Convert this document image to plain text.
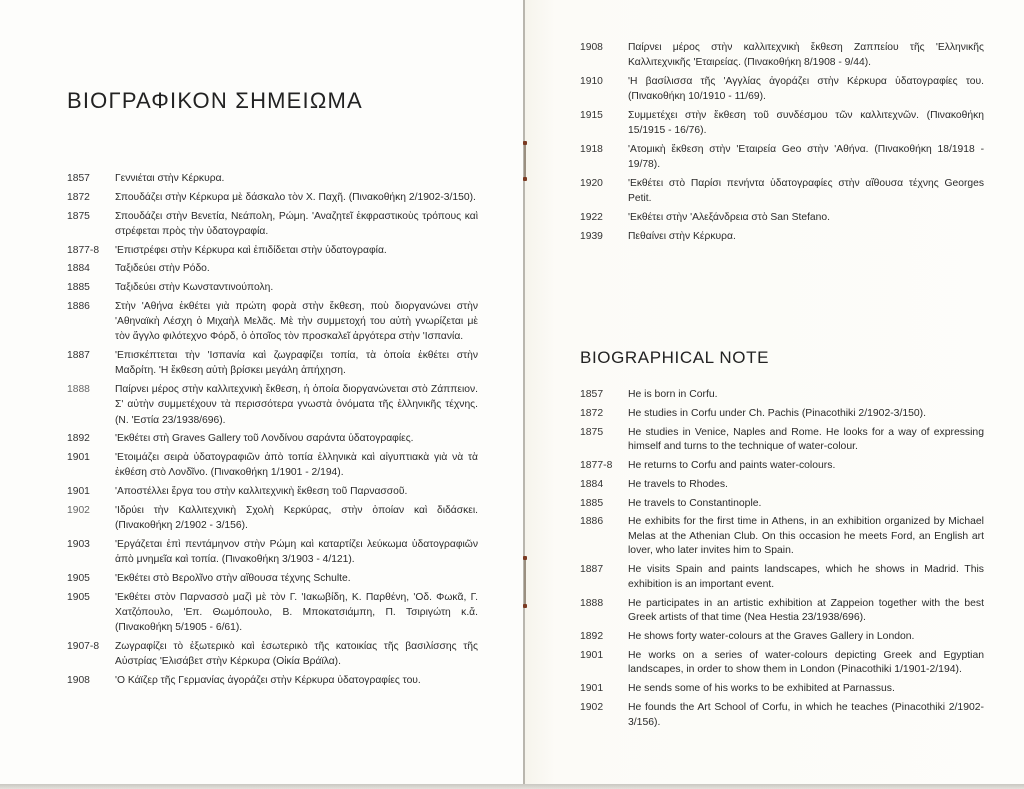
ΒΙΟΓΡΑΦΙΚΟΝ ΣΗΜΕΙΩΜΑ
1857	Γεννιέται στὴν Κέρκυρα.
1872	Σπουδάζει στὴν Κέρκυρα μὲ δάσκαλο τὸν Χ. Παχῆ. (Πινακοθήκη 2/1902-3/150).
1875	Σπουδάζει στὴν Βενετία, Νεάπολη, Ρώμη. 'Αναζητεῖ ἐκφραστικοὺς τρόπους καὶ στρέφεται πρὸς τὴν ὑδατογραφία.
1877-8	'Επιστρέφει στὴν Κέρκυρα καὶ ἐπιδίδεται στὴν ὑδατογραφία.
1884	Ταξιδεύει στὴν Ρόδο.
1885	Ταξιδεύει στὴν Κωνσταντινούπολη.
1886	Στὴν 'Αθήνα ἐκθέτει γιὰ πρώτη φορὰ στὴν ἔκθεση, ποὺ διοργανώνει στὴν 'Αθηναϊκὴ Λέσχη ὁ Μιχαὴλ Μελᾶς. Μὲ τὴν συμμετοχή του αὐτὴ γνωρίζεται μὲ τὸν ἄγγλο φιλότεχνο Φόρδ, ὁ ὁποῖος τὸν προσκαλεῖ ἀργότερα στὴν 'Ισπανία.
1887	'Επισκέπτεται τὴν 'Ισπανία καὶ ζωγραφίζει τοπία, τὰ ὁποία ἐκθέτει στὴν Μαδρίτη. 'Η ἔκθεση αὐτὴ βρίσκει μεγάλη ἀπήχηση.
1888	Παίρνει μέρος στὴν καλλιτεχνικὴ ἔκθεση, ἡ ὁποία διοργανώνεται στὸ Ζάππειον. Σ' αὐτὴν συμμετέχουν τὰ περισσότερα γνωστὰ ὀνόματα τῆς ἑλληνικῆς τέχνης. (Ν. 'Εστία 23/1938/696).
1892	'Εκθέτει στὴ Graves Gallery τοῦ Λονδίνου σαράντα ὑδατογραφίες.
1901	'Ετοιμάζει σειρὰ ὑδατογραφιῶν ἀπὸ τοπία ἑλληνικὰ καὶ αἰγυπτιακὰ γιὰ νὰ τὰ ἐκθέση στὸ Λονδῖνο. (Πινακοθήκη 1/1901 - 2/194).
1901	'Αποστέλλει ἔργα του στὴν καλλιτεχνικὴ ἔκθεση τοῦ Παρνασσοῦ.
1902	'Ιδρύει τὴν Καλλιτεχνικὴ Σχολὴ Κερκύρας, στὴν ὁποίαν καὶ διδάσκει. (Πινακοθήκη 2/1902 - 3/156).
1903	'Εργάζεται ἐπὶ πεντάμηνον στὴν Ρώμη καὶ καταρτίζει λεύκωμα ὑδατογραφιῶν ἀπὸ μνημεῖα καὶ τοπία. (Πινακοθήκη 3/1903 - 4/121).
1905	'Εκθέτει στὸ Βερολῖνο στὴν αἴθουσα τέχνης Schulte.
1905	'Εκθέτει στὸν Παρνασσὸ μαζὶ μὲ τὸν Γ. 'Ιακωβίδη, Κ. Παρθένη, 'Οδ. Φωκᾶ, Γ. Χατζόπουλο, 'Επ. Θωμόπουλο, Β. Μποκατσιάμπη, Π. Τσιριγώτη κ.ἄ. (Πινακοθήκη 5/1905 - 6/61).
1907-8	Ζωγραφίζει τὸ ἐξωτερικὸ καὶ ἐσωτερικὸ τῆς κατοικίας τῆς βασιλίσσης τῆς Αὐστρίας 'Ελισάβετ στὴν Κέρκυρα (Οἰκία Βράϊλα).
1908	'Ο Κάϊζερ τῆς Γερμανίας ἀγοράζει στὴν Κέρκυρα ὑδατογραφίες του.
1908	Παίρνει μέρος στὴν καλλιτεχνικὴ ἔκθεση Ζαππείου τῆς 'Ελληνικῆς Καλλιτεχνικῆς 'Εταιρείας. (Πινακοθήκη 8/1908 - 9/44).
1910	'Η βασίλισσα τῆς 'Αγγλίας ἀγοράζει στὴν Κέρκυρα ὑδατογραφίες του. (Πινακοθήκη 10/1910 - 11/69).
1915	Συμμετέχει στὴν ἔκθεση τοῦ συνδέσμου τῶν καλλιτεχνῶν. (Πινακοθήκη 15/1915 - 16/76).
1918	'Ατομικὴ ἔκθεση στὴν 'Εταιρεία Geo στὴν 'Αθήνα. (Πινακοθήκη 18/1918 - 19/78).
1920	'Εκθέτει στὸ Παρίσι πενήντα ὑδατογραφίες στὴν αἴθουσα τέχνης Georges Petit.
1922	'Εκθέτει στὴν 'Αλεξάνδρεια στὸ San Stefano.
1939	Πεθαίνει στὴν Κέρκυρα.
BIOGRAPHICAL NOTE
1857	He is born in Corfu.
1872	He studies in Corfu under Ch. Pachis (Pinacothiki 2/1902-3/150).
1875	He studies in Venice, Naples and Rome. He looks for a way of expressing himself and turns to the technique of water-colour.
1877-8	He returns to Corfu and paints water-colours.
1884	He travels to Rhodes.
1885	He travels to Constantinople.
1886	He exhibits for the first time in Athens, in an exhibition organized by Michael Melas at the Athenian Club. On this occasion he meets Ford, an English art lover, who later invites him to Spain.
1887	He visits Spain and paints landscapes, which he shows in Madrid. This exhibition is an important event.
1888	He participates in an artistic exhibition at Zappeion together with the best Greek artists of that time (Nea Hestia 23/1938/696).
1892	He shows forty water-colours at the Graves Gallery in London.
1901	He works on a series of water-colours depicting Greek and Egyptian landscapes, in order to show them in London (Pinacothiki 1/1901-2/194).
1901	He sends some of his works to be exhibited at Parnassus.
1902	He founds the Art School of Corfu, in which he teaches (Pinacothiki 2/1902-3/156).
